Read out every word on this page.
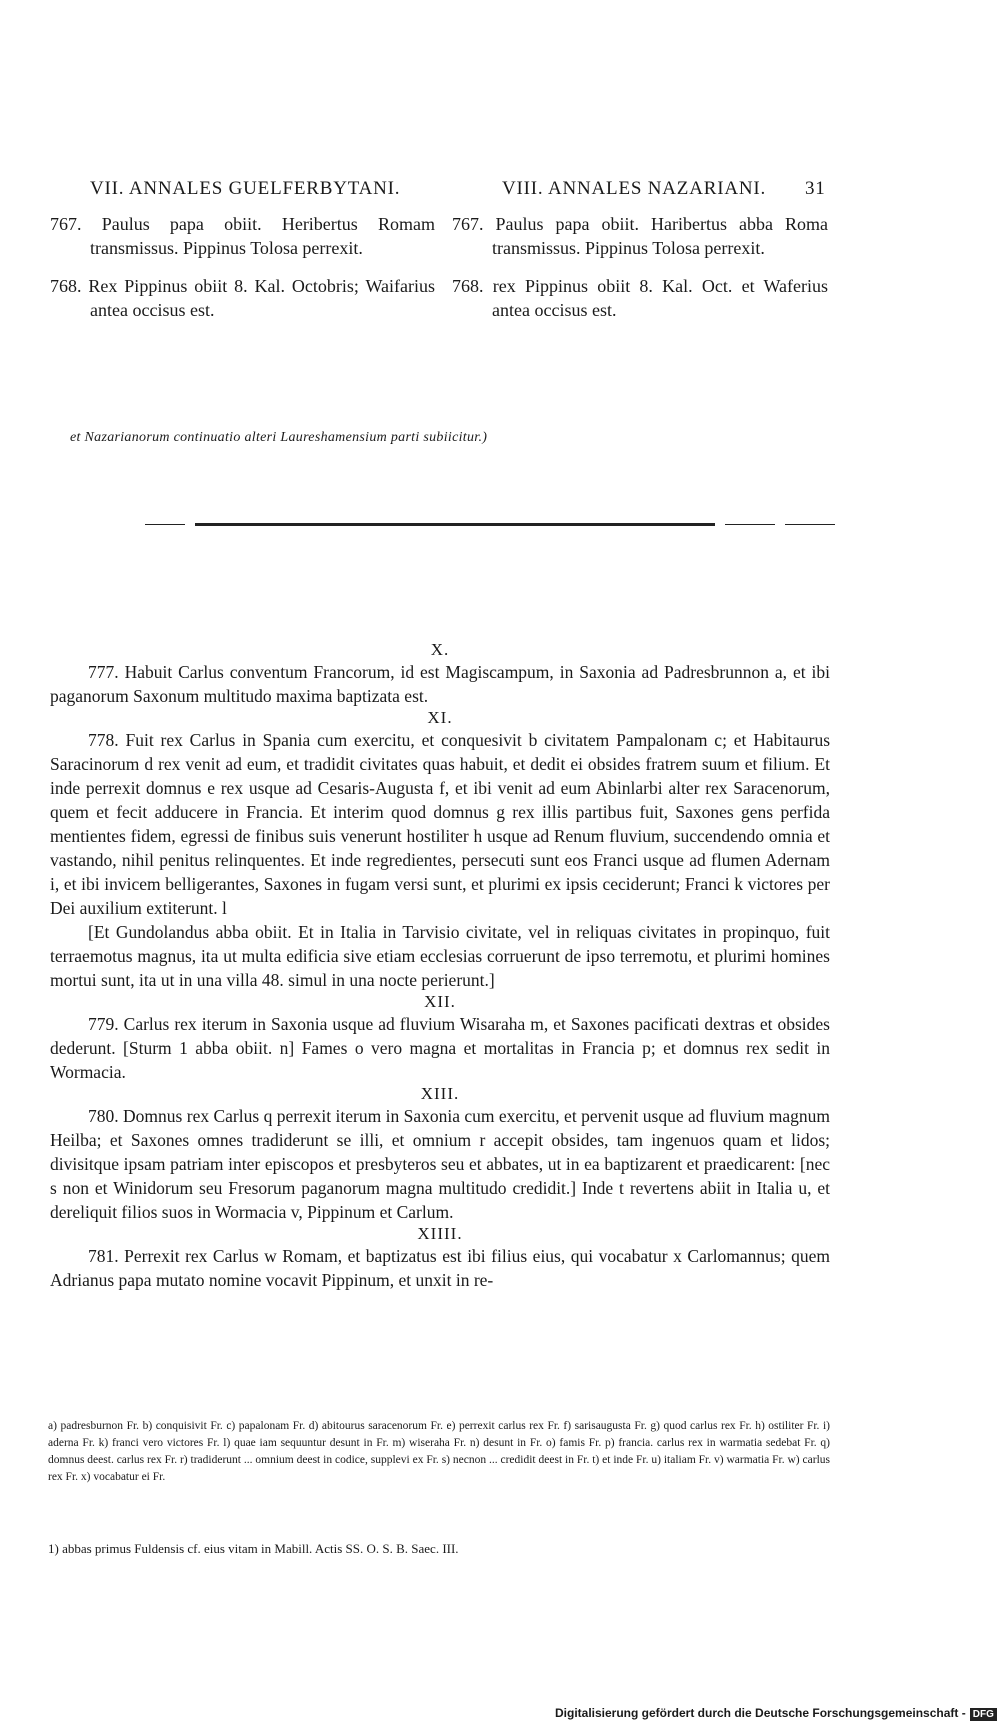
VII. ANNALES GUELFERBYTANI.	VIII. ANNALES NAZARIANI. 31
767. Paulus papa obiit. Heribertus Romam transmissus. Pippinus Tolosa perrexit.
768. Rex Pippinus obiit 8. Kal. Octobris; Waifarius antea occisus est.
767. Paulus papa obiit. Haribertus abba Roma transmissus. Pippinus Tolosa perrexit.
768. rex Pippinus obiit 8. Kal. Oct. et Waferius antea occisus est.
et Nazarianorum continuatio alteri Laureshamensium parti subiicitur.)
X.
777. Habuit Carlus conventum Francorum, id est Magiscampum, in Saxonia ad Padresbrunnon a, et ibi paganorum Saxonum multitudo maxima baptizata est.
XI.
778. Fuit rex Carlus in Spania cum exercitu, et conquesivit b civitatem Pampalonam c; et Habitaurus Saracinorum d rex venit ad eum, et tradidit civitates quas habuit, et dedit ei obsides fratrem suum et filium. Et inde perrexit domnus e rex usque ad Cesaris-Augusta f, et ibi venit ad eum Abinlarbi alter rex Saracenorum, quem et fecit adducere in Francia. Et interim quod domnus g rex illis partibus fuit, Saxones gens perfida mentientes fidem, egressi de finibus suis venerunt hostiliter h usque ad Renum fluvium, succendendo omnia et vastando, nihil penitus relinquentes. Et inde regredientes, persecuti sunt eos Franci usque ad flumen Adernam i, et ibi invicem belligerantes, Saxones in fugam versi sunt, et plurimi ex ipsis ceciderunt; Franci k victores per Dei auxilium extiterunt. l
[Et Gundolandus abba obiit. Et in Italia in Tarvisio civitate, vel in reliquas civitates in propinquo, fuit terraemotus magnus, ita ut multa edificia sive etiam ecclesias corruerunt de ipso terremotu, et plurimi homines mortui sunt, ita ut in una villa 48. simul in una nocte perierunt.]
XII.
779. Carlus rex iterum in Saxonia usque ad fluvium Wisaraha m, et Saxones pacificati dextras et obsides dederunt. [Sturm 1 abba obiit. n] Fames o vero magna et mortalitas in Francia p; et domnus rex sedit in Wormacia.
XIII.
780. Domnus rex Carlus q perrexit iterum in Saxonia cum exercitu, et pervenit usque ad fluvium magnum Heilba; et Saxones omnes tradiderunt se illi, et omnium r accepit obsides, tam ingenuos quam et lidos; divisitque ipsam patriam inter episcopos et presbyteros seu et abbates, ut in ea baptizarent et praedicarent: [nec s non et Winidorum seu Fresorum paganorum magna multitudo credidit.] Inde t revertens abiit in Italia u, et dereliquit filios suos in Wormacia v, Pippinum et Carlum.
XIIII.
781. Perrexit rex Carlus w Romam, et baptizatus est ibi filius eius, qui vocabatur x Carlomannus; quem Adrianus papa mutato nomine vocavit Pippinum, et unxit in re-
a) padresburnon Fr. b) conquisivit Fr. c) papalonam Fr. d) abitourus saracenorum Fr. e) perrexit carlus rex Fr. f) sarisaugusta Fr. g) quod carlus rex Fr. h) ostiliter Fr. i) aderna Fr. k) franci vero victores Fr. l) quae iam sequuntur desunt in Fr. m) wiseraha Fr. n) desunt in Fr. o) famis Fr. p) francia. carlus rex in warmatia sedebat Fr. q) domnus deest. carlus rex Fr. r) tradiderunt ... omnium deest in codice, supplevi ex Fr. s) necnon ... credidit deest in Fr. t) et inde Fr. u) italiam Fr. v) warmatia Fr. w) carlus rex Fr. x) vocabatur ei Fr.
1) abbas primus Fuldensis cf. eius vitam in Mabill. Actis SS. O. S. B. Saec. III.
Digitalisierung gefördert durch die Deutsche Forschungsgemeinschaft - DFG
